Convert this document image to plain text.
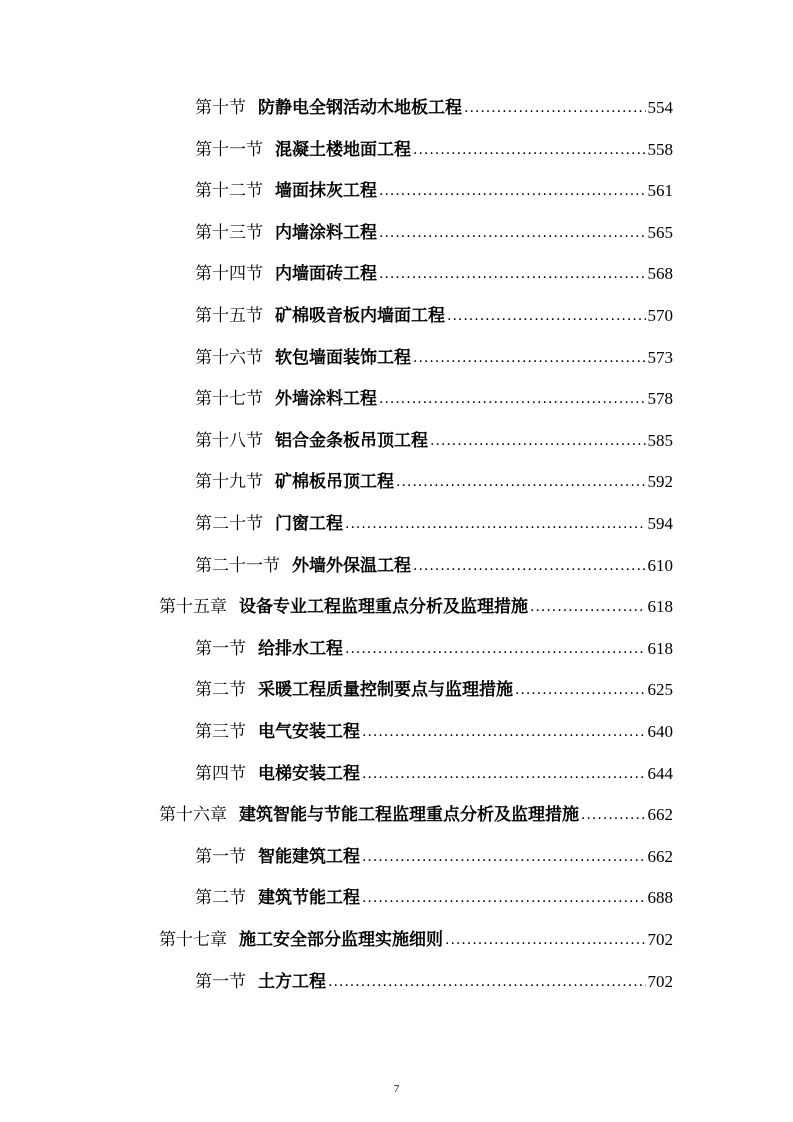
第十节 防静电全钢活动木地板工程 .....	554
第十一节 混凝土楼地面工程 .....	558
第十二节 墙面抹灰工程 .....	561
第十三节 内墙涂料工程 .....	565
第十四节 内墙面砖工程 .....	568
第十五节 矿棉吸音板内墙面工程 .....	570
第十六节 软包墙面装饰工程 .....	573
第十七节 外墙涂料工程 .....	578
第十八节 铝合金条板吊顶工程 .....	585
第十九节 矿棉板吊顶工程 .....	592
第二十节 门窗工程 .....	594
第二十一节 外墙外保温工程 .....	610
第十五章 设备专业工程监理重点分析及监理措施 .....	618
第一节 给排水工程 .....	618
第二节 采暖工程质量控制要点与监理措施 .....	625
第三节 电气安装工程 .....	640
第四节 电梯安装工程 .....	644
第十六章 建筑智能与节能工程监理重点分析及监理措施 .....	662
第一节 智能建筑工程 .....	662
第二节 建筑节能工程 .....	688
第十七章 施工安全部分监理实施细则 .....	702
第一节 土方工程 .....	702
7
